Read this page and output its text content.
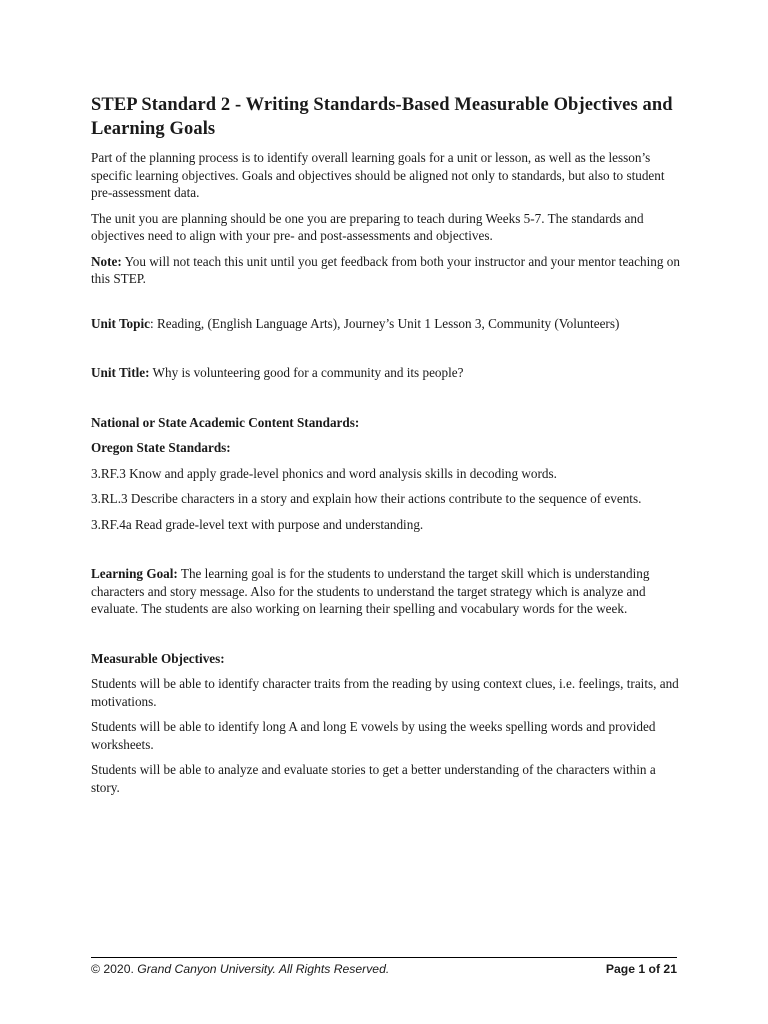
STEP Standard 2 - Writing Standards-Based Measurable Objectives and Learning Goals

Part of the planning process is to identify overall learning goals for a unit or lesson, as well as the lesson’s specific learning objectives. Goals and objectives should be aligned not only to standards, but also to student pre-assessment data.

The unit you are planning should be one you are preparing to teach during Weeks 5-7. The standards and objectives need to align with your pre- and post-assessments and objectives.

Note: You will not teach this unit until you get feedback from both your instructor and your mentor teaching on this STEP.

Unit Topic: Reading, (English Language Arts), Journey’s Unit 1 Lesson 3, Community (Volunteers)

Unit Title: Why is volunteering good for a community and its people?

National or State Academic Content Standards:

Oregon State Standards:

3.RF.3 Know and apply grade-level phonics and word analysis skills in decoding words.

3.RL.3 Describe characters in a story and explain how their actions contribute to the sequence of events.

3.RF.4a Read grade-level text with purpose and understanding.

Learning Goal: The learning goal is for the students to understand the target skill which is understanding characters and story message. Also for the students to understand the target strategy which is analyze and evaluate. The students are also working on learning their spelling and vocabulary words for the week.

Measurable Objectives:

Students will be able to identify character traits from the reading by using context clues, i.e. feelings, traits, and motivations.

Students will be able to identify long A and long E vowels by using the weeks spelling words and provided worksheets.

Students will be able to analyze and evaluate stories to get a better understanding of the characters within a story.

© 2020. Grand Canyon University. All Rights Reserved.	Page 1 of 21
